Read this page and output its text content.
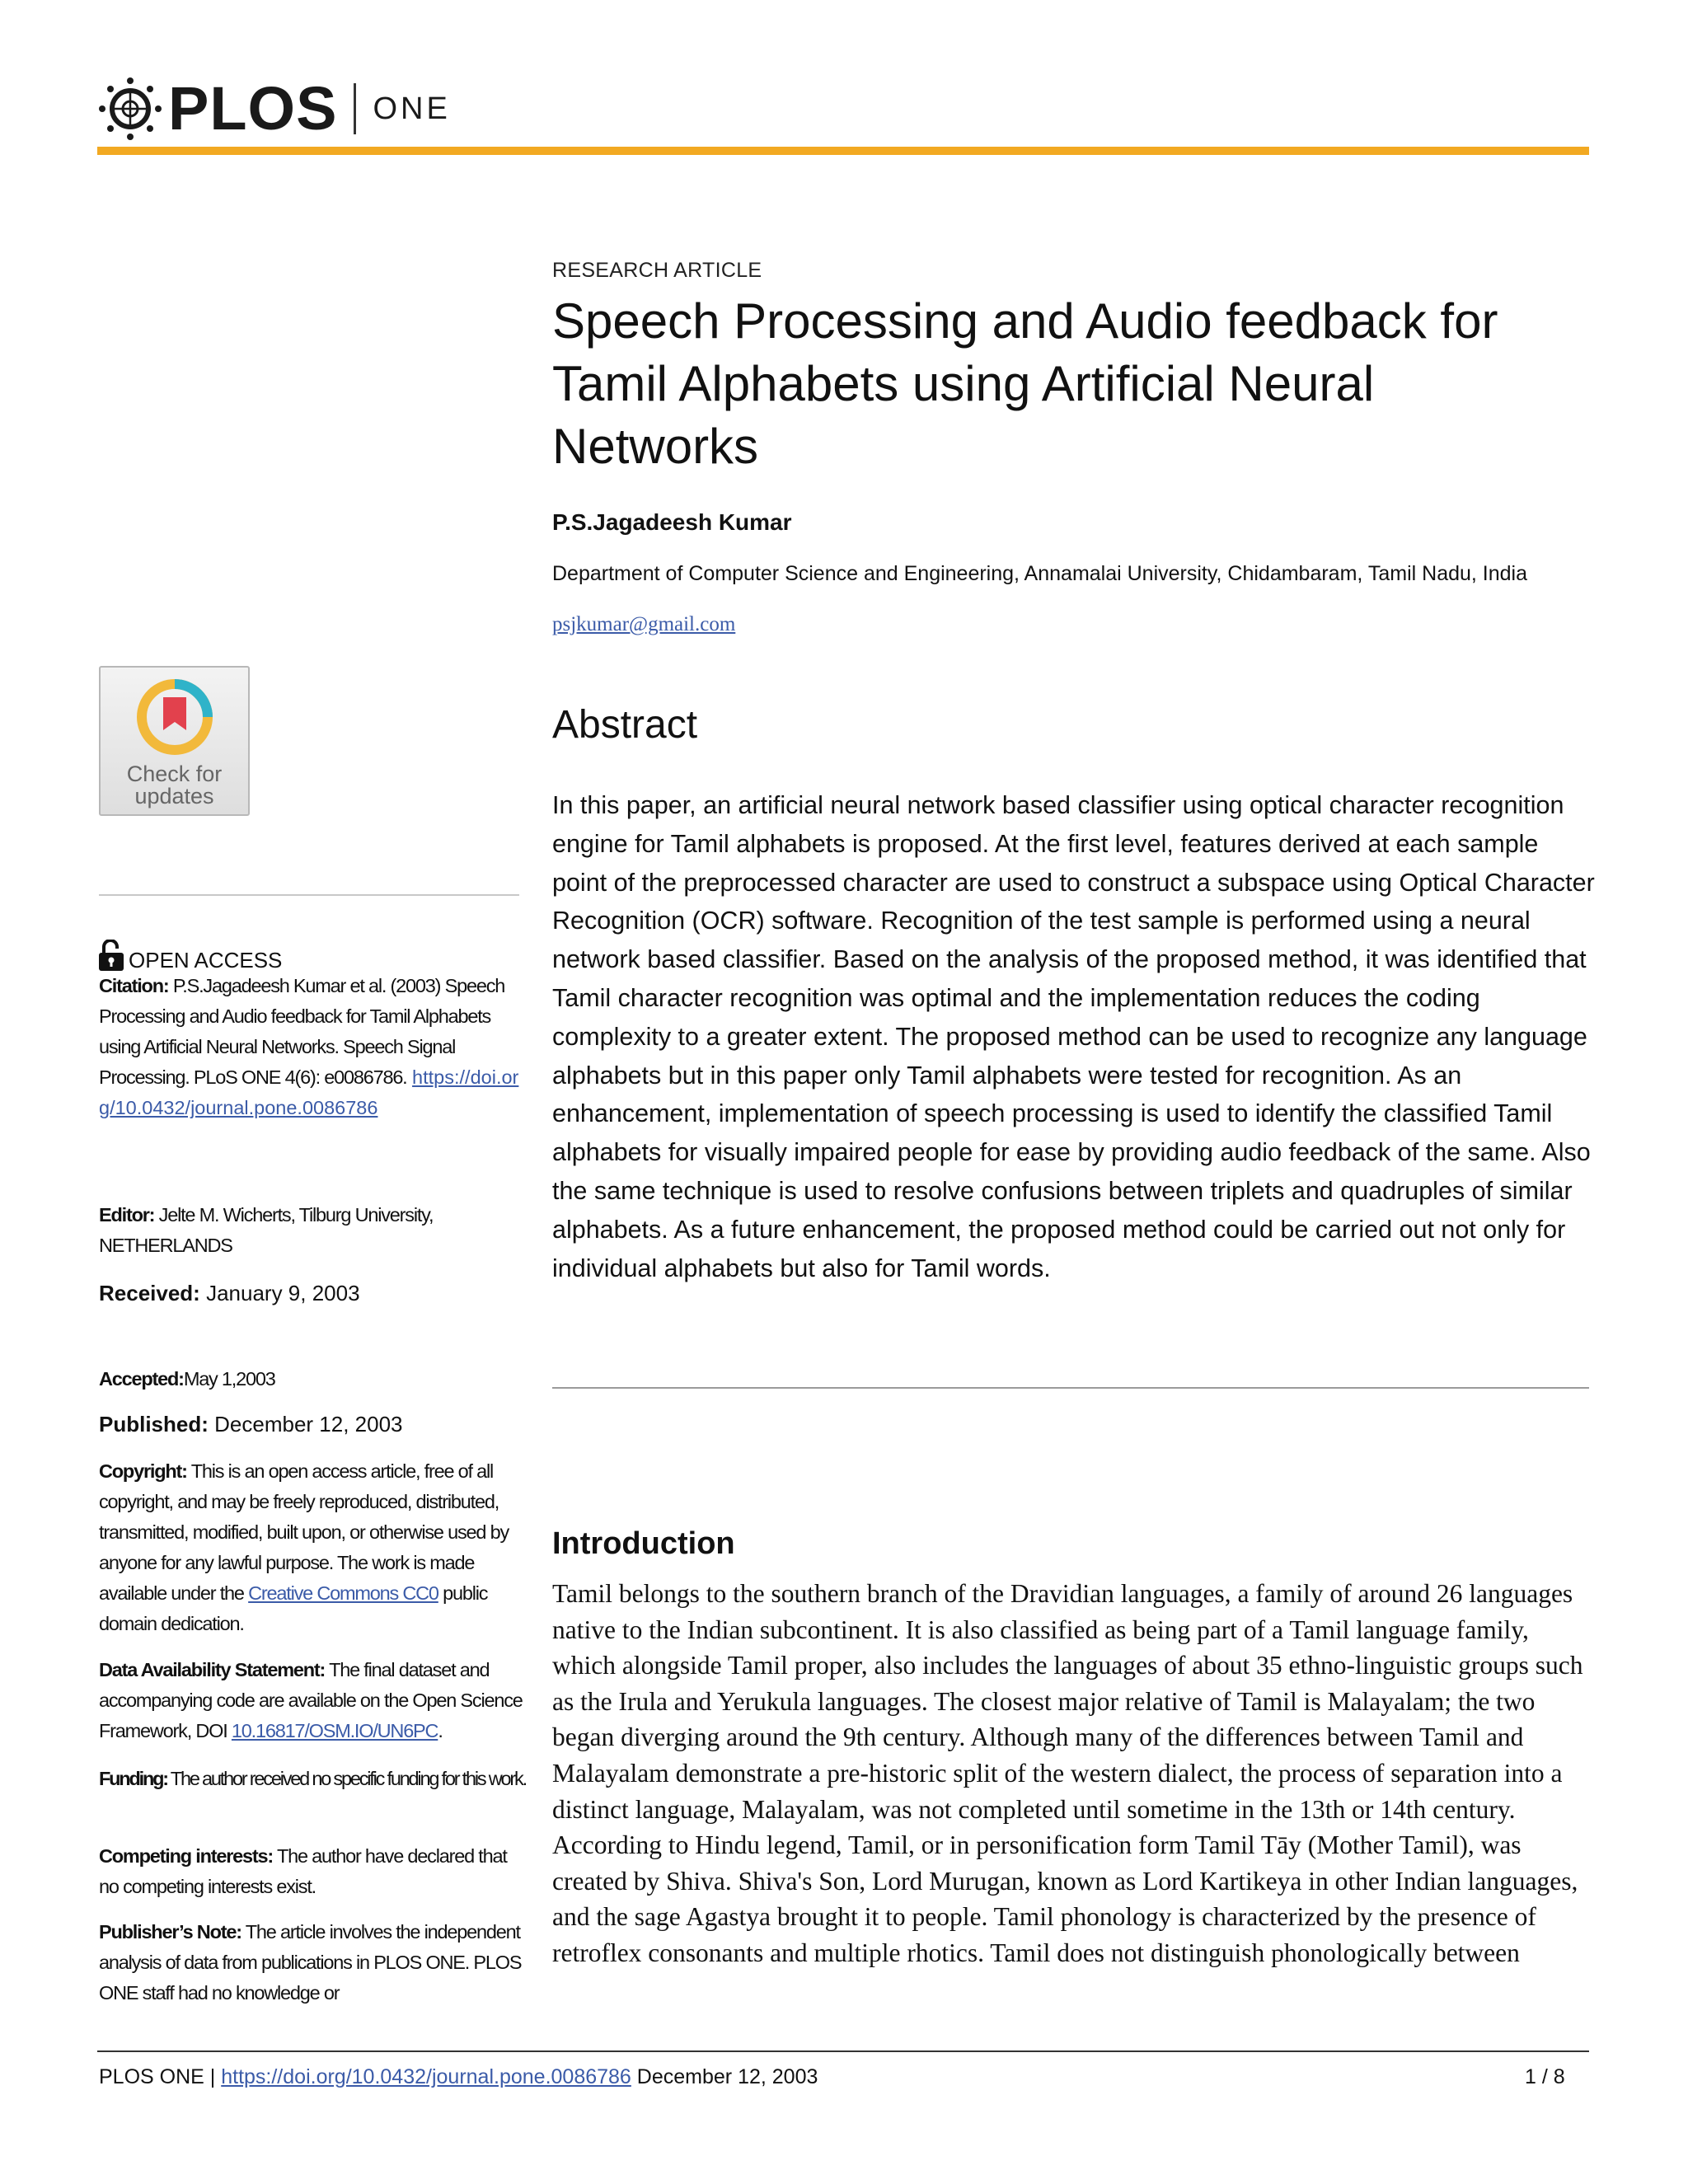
PLOS ONE
RESEARCH ARTICLE
Speech Processing and Audio feedback for Tamil Alphabets using Artificial Neural Networks
P.S.Jagadeesh Kumar
Department of Computer Science and Engineering, Annamalai University, Chidambaram, Tamil Nadu, India
psjkumar@gmail.com
Abstract

In this paper, an artificial neural network based classifier using optical character recognition engine for Tamil alphabets is proposed. At the first level, features derived at each sample point of the preprocessed character are used to construct a subspace using Optical Character Recognition (OCR) software. Recognition of the test sample is performed using a neural network based classifier. Based on the analysis of the proposed method, it was identified that Tamil character recognition was optimal and the implementation reduces the coding complexity to a greater extent. The proposed method can be used to recognize any language alphabets but in this paper only Tamil alphabets were tested for recognition. As an enhancement, implementation of speech processing is used to identify the classified Tamil alphabets for visually impaired people for ease by providing audio feedback of the same. Also the same technique is used to resolve confusions between triplets and quadruples of similar alphabets. As a future enhancement, the proposed method could be carried out not only for individual alphabets but also for Tamil words.

Introduction

Tamil belongs to the southern branch of the Dravidian languages, a family of around 26 languages native to the Indian subcontinent. It is also classified as being part of a Tamil language family, which alongside Tamil proper, also includes the languages of about 35 ethno-linguistic groups such as the Irula and Yerukula languages. The closest major relative of Tamil is Malayalam; the two began diverging around the 9th century. Although many of the differences between Tamil and Malayalam demonstrate a pre-historic split of the western dialect, the process of separation into a distinct language, Malayalam, was not completed until sometime in the 13th or 14th century. According to Hindu legend, Tamil, or in personification form Tamil Tāy (Mother Tamil), was created by Shiva. Shiva's Son, Lord Murugan, known as Lord Kartikeya in other Indian languages, and the sage Agastya brought it to people. Tamil phonology is characterized by the presence of retroflex consonants and multiple rhotics. Tamil does not distinguish phonologically between

Check for updates
OPEN ACCESS
Citation: P.S.Jagadeesh Kumar et al. (2003) Speech Processing and Audio feedback for Tamil Alphabets using Artificial Neural Networks. Speech Signal Processing. PLoS ONE 4(6): e0086786. https://doi.org/10.0432/journal.pone.0086786
Editor: Jelte M. Wicherts, Tilburg University, NETHERLANDS
Received: January 9, 2003
Accepted:May 1,2003
Published: December 12, 2003
Copyright: This is an open access article, free of all copyright, and may be freely reproduced, distributed, transmitted, modified, built upon, or otherwise used by anyone for any lawful purpose. The work is made available under the Creative Commons CC0 public domain dedication.
Data Availability Statement: The final dataset and accompanying code are available on the Open Science Framework, DOI 10.16817/OSM.IO/UN6PC.
Funding: The author received no specific funding for this work.
Competing interests: The author have declared that no competing interests exist.
Publisher’s Note: The article involves the independent analysis of data from publications in PLOS ONE. PLOS ONE staff had no knowledge or
PLOS ONE | https://doi.org/10.0432/journal.pone.0086786 December 12, 2003	1 / 8
